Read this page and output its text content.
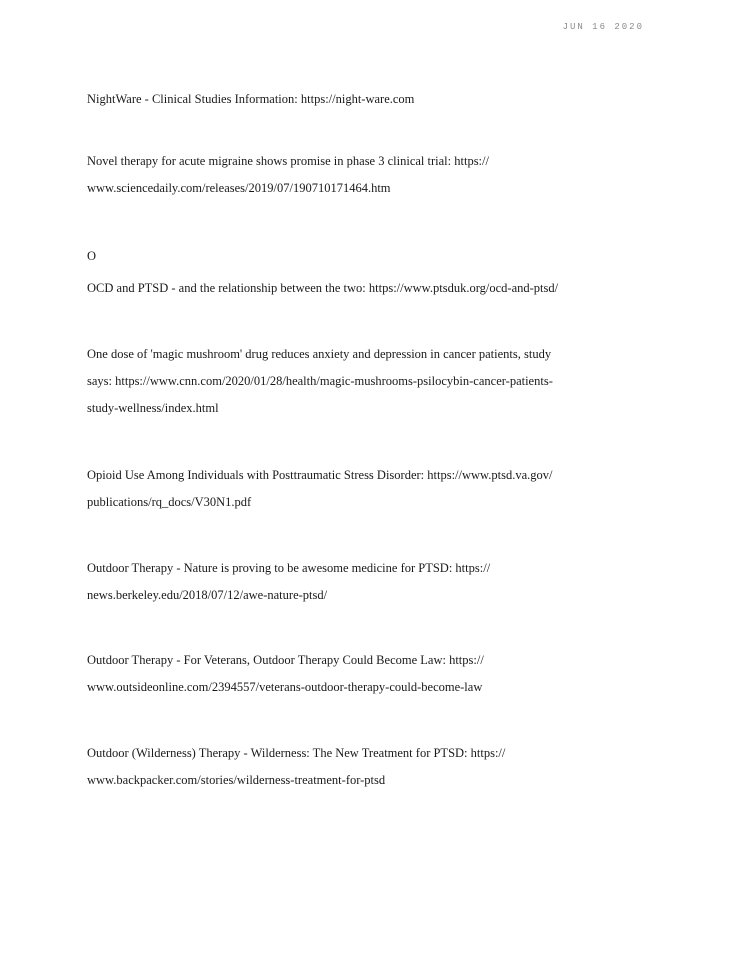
JUN 16 2020
NightWare - Clinical Studies Information: https://night-ware.com
Novel therapy for acute migraine shows promise in phase 3 clinical trial: https://
www.sciencedaily.com/releases/2019/07/190710171464.htm
O
OCD and PTSD - and the relationship between the two: https://www.ptsduk.org/ocd-and-ptsd/
One dose of 'magic mushroom' drug reduces anxiety and depression in cancer patients, study
says: https://www.cnn.com/2020/01/28/health/magic-mushrooms-psilocybin-cancer-patients-
study-wellness/index.html
Opioid Use Among Individuals with Posttraumatic Stress Disorder: https://www.ptsd.va.gov/
publications/rq_docs/V30N1.pdf
Outdoor Therapy - Nature is proving to be awesome medicine for PTSD: https://
news.berkeley.edu/2018/07/12/awe-nature-ptsd/
Outdoor Therapy - For Veterans, Outdoor Therapy Could Become Law: https://
www.outsideonline.com/2394557/veterans-outdoor-therapy-could-become-law
Outdoor (Wilderness) Therapy - Wilderness: The New Treatment for PTSD: https://
www.backpacker.com/stories/wilderness-treatment-for-ptsd
